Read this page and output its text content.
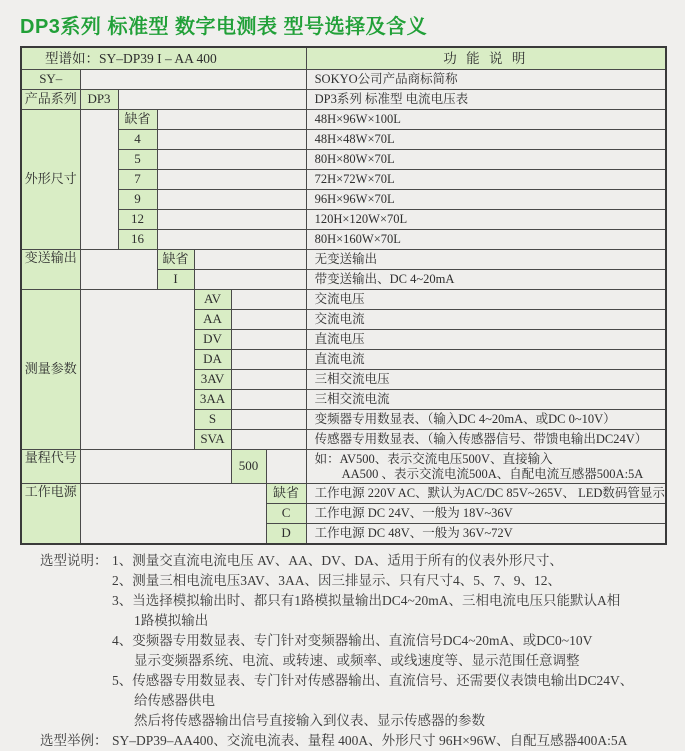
DP3系列 标准型 数字电测表 型号选择及含义
型谱如：SY–DP39 I – AA 400							功 能 说 明
SY–							SOKYO公司产品商标简称
产品系列	DP3						DP3系列 标准型 电流电压表
外形尺寸		缺省					48H×96W×100L
		4					48H×48W×70L
		5					80H×80W×70L
		7					72H×72W×70L
		9					96H×96W×70L
		12					120H×120W×70L
		16					80H×160W×70L
变送输出			缺省				无变送输出
			I				带变送输出、DC 4~20mA
测量参数				AV			交流电压
				AA			交流电流
				DV			直流电压
				DA			直流电流
				3AV			三相交流电压
				3AA			三相交流电流
				S			变频器专用数显表、（输入DC 4~20mA、或DC 0~10V）
				SVA			传感器专用数显表、（输入传感器信号、带馈电输出DC24V）
量程代号					500		如：AV500、表示交流电压500V、直接输入
AA500 、表示交流电流500A、自配电流互感器500A:5A

工作电源						缺省	工作电源 220V AC、默认为AC/DC 85V~265V、 LED数码管显示
						C	工作电源 DC 24V、一般为 18V~36V
						D	工作电源 DC 48V、一般为 36V~72V
选型说明： 1、测量交直流电流电压 AV、AA、DV、DA、适用于所有的仪表外形尺寸、
2、测量三相电流电压3AV、3AA、因三排显示、只有尺寸4、5、7、9、12、
3、当选择模拟输出时、都只有1路模拟量输出DC4~20mA、三相电流电压只能默认A相
1路模拟输出
4、变频器专用数显表、专门针对变频器输出、直流信号DC4~20mA、或DC0~10V
显示变频器系统、电流、或转速、或频率、或线速度等、显示范围任意调整
5、传感器专用数显表、专门针对传感器输出、直流信号、还需要仪表馈电输出DC24V、
给传感器供电
然后将传感器输出信号直接输入到仪表、显示传感器的参数
选型举例： SY–DP39–AA400、交流电流表、量程 400A、外形尺寸 96H×96W、自配互感器400A:5A
